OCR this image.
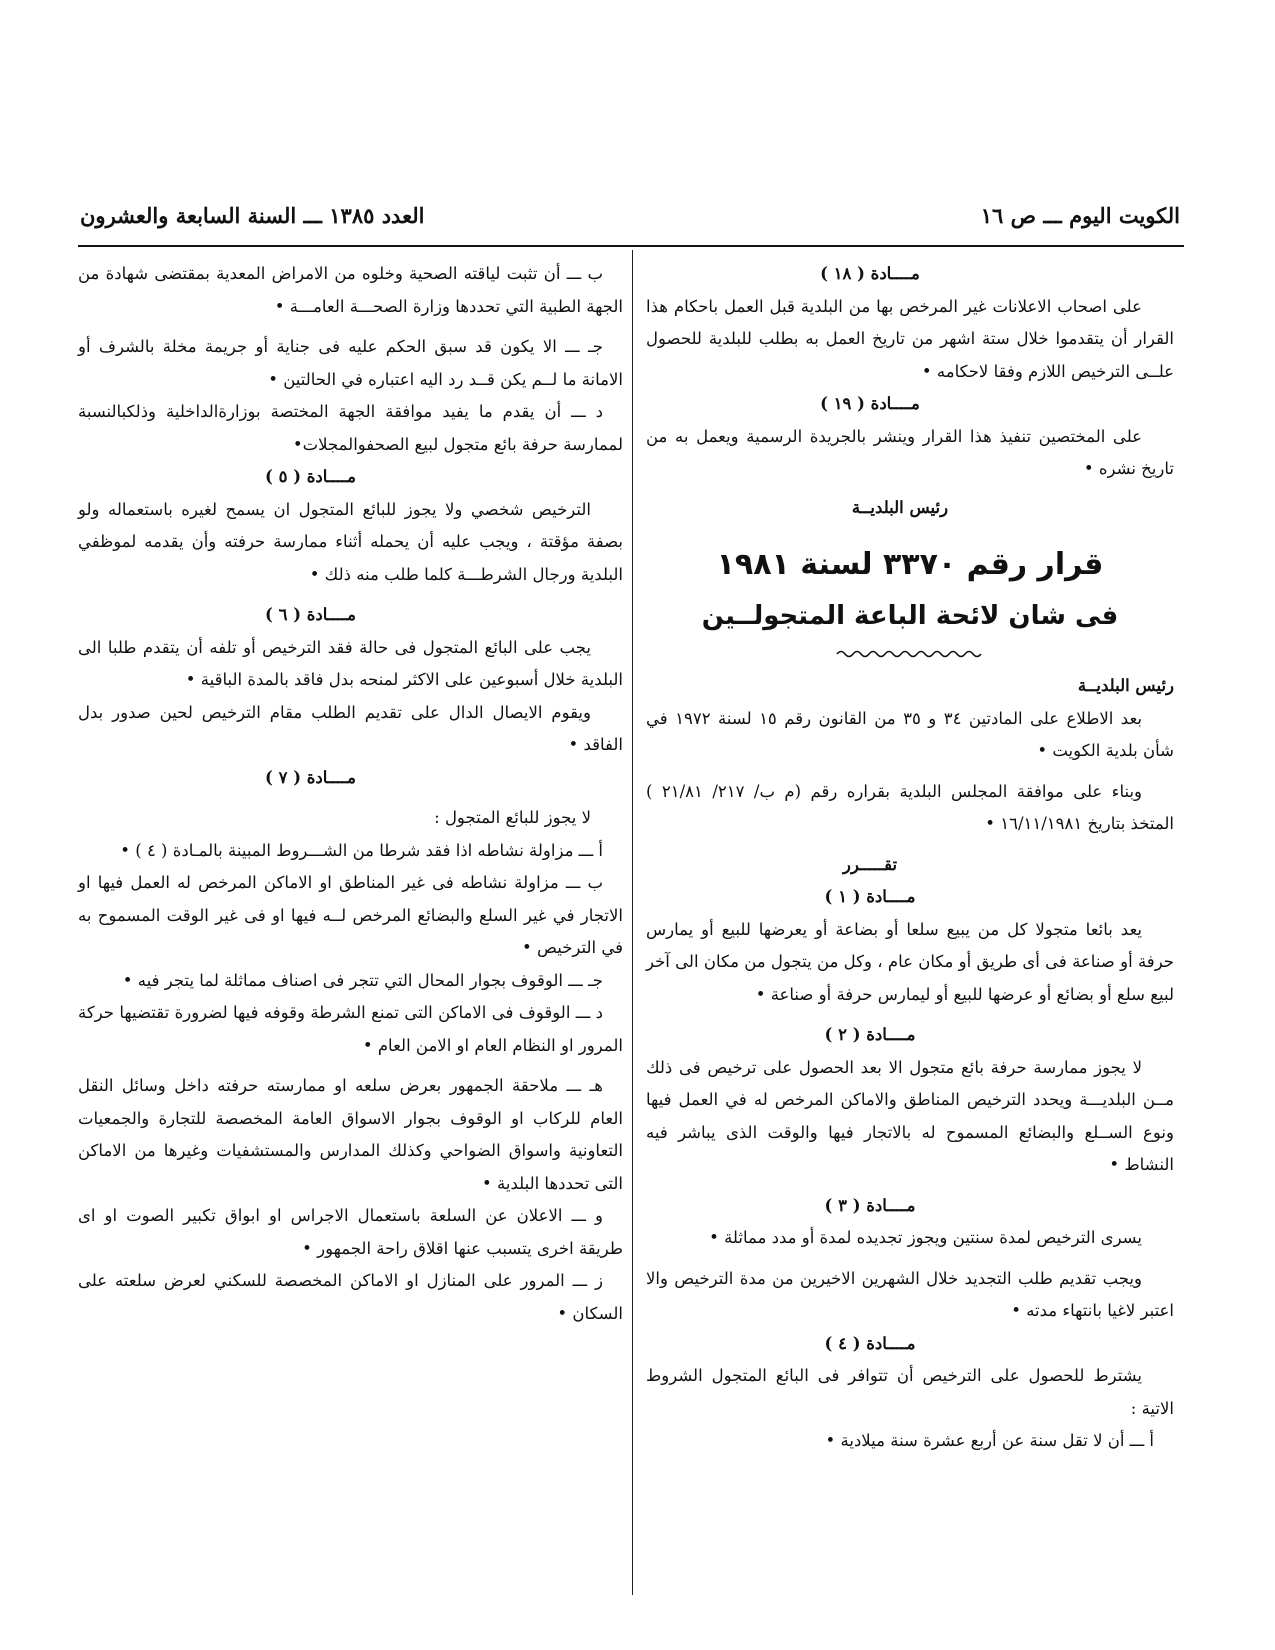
الكويت اليوم ـــ ص ١٦
العدد ١٣٨٥ ـــ السنة السابعة والعشرون

مــــادة ( ١٨ )

على اصحاب الاعلانات غير المرخص بها من البلدية قبل العمل باحكام هذا القرار أن يتقدموا خلال ستة اشهر من تاريخ العمل به بطلب للبلدية للحصول علــى الترخيص اللازم وفقا لاحكامه •

مــــادة ( ١٩ )

على المختصين تنفيذ هذا القرار وينشر بالجريدة الرسمية ويعمل به من تاريخ نشره •

رئيس البلديــة

قرار رقم ٣٣٧٠ لسنة ١٩٨١

فى شان لائحة الباعة المتجولــين

رئيس البلديــة

بعد الاطلاع على المادتين ٣٤ و ٣٥ من القانون رقم ١٥ لسنة ١٩٧٢ في شأن بلدية الكويت •

وبناء على موافقة المجلس البلدية بقراره رقم (م ب/ ٢١٧/ ٢١/٨١ ) المتخذ بتاريخ ١٦/١١/١٩٨١ •

تقـــــرر

مــــادة ( ١ )

يعد بائعا متجولا كل من يبيع سلعا أو بضاعة أو يعرضها للبيع أو يمارس حرفة أو صناعة فى أى طريق أو مكان عام ، وكل من يتجول من مكان الى آخر لبيع سلع أو بضائع أو عرضها للبيع أو ليمارس حرفة أو صناعة •

مــــادة ( ٢ )

لا يجوز ممارسة حرفة بائع متجول الا بعد الحصول على ترخيص فى ذلك مــن البلديـــة ويحدد الترخيص المناطق والاماكن المرخص له في العمل فيها ونوع الســلع والبضائع المسموح له بالاتجار فيها والوقت الذى يباشر فيه النشاط •

مــــادة ( ٣ )

يسرى الترخيص لمدة سنتين ويجوز تجديده لمدة أو مدد مماثلة •

ويجب تقديم طلب التجديد خلال الشهرين الاخيرين من مدة الترخيص والا اعتبر لاغيا بانتهاء مدته •

مــــادة ( ٤ )

يشترط للحصول على الترخيص أن تتوافر فى البائع المتجول الشروط الاتية :

أ ـــ أن لا تقل سنة عن أربع عشرة سنة ميلادية •

ب ـــ أن تثبت لياقته الصحية وخلوه من الامراض المعدية بمقتضى شهادة من الجهة الطبية التي تحددها وزارة الصحـــة العامـــة •

جـ ـــ الا يكون قد سبق الحكم عليه فى جناية أو جريمة مخلة بالشرف أو الامانة ما لــم يكن قــد رد اليه اعتباره في الحالتين •

د ـــ أن يقدم ما يفيد موافقة الجهة المختصة بوزارةالداخلية وذلكبالنسبة لممارسة حرفة بائع متجول لبيع الصحفوالمجلات•

مــــادة ( ٥ )

الترخيص شخصي ولا يجوز للبائع المتجول ان يسمح لغيره باستعماله ولو بصفة مؤقتة ، ويجب عليه أن يحمله أثناء ممارسة حرفته وأن يقدمه لموظفي البلدية ورجال الشرطـــة كلما طلب منه ذلك •

مــــادة ( ٦ )

يجب على البائع المتجول فى حالة فقد الترخيص أو تلفه أن يتقدم طلبا الى البلدية خلال أسبوعين على الاكثر لمنحه بدل فاقد بالمدة الباقية •

ويقوم الايصال الدال على تقديم الطلب مقام الترخيص لحين صدور بدل الفاقد •

مــــادة ( ٧ )

لا يجوز للبائع المتجول :

أ ـــ مزاولة نشاطه اذا فقد شرطا من الشـــروط المبينة بالمـادة ( ٤ ) •

ب ـــ مزاولة نشاطه فى غير المناطق او الاماكن المرخص له العمل فيها او الاتجار في غير السلع والبضائع المرخص لــه فيها او فى غير الوقت المسموح به في الترخيص •

جـ ـــ الوقوف بجوار المحال التي تتجر فى اصناف مماثلة لما يتجر فيه •

د ـــ الوقوف فى الاماكن التى تمنع الشرطة وقوفه فيها لضرورة تقتضيها حركة المرور او النظام العام او الامن العام •

هـ ـــ ملاحقة الجمهور بعرض سلعه او ممارسته حرفته داخل وسائل النقل العام للركاب او الوقوف بجوار الاسواق العامة المخصصة للتجارة والجمعيات التعاونية واسواق الضواحي وكذلك المدارس والمستشفيات وغيرها من الاماكن التى تحددها البلدية •

و ـــ الاعلان عن السلعة باستعمال الاجراس او ابواق تكبير الصوت او اى طريقة اخرى يتسبب عنها اقلاق راحة الجمهور •

ز ـــ المرور على المنازل او الاماكن المخصصة للسكني لعرض سلعته على السكان •
